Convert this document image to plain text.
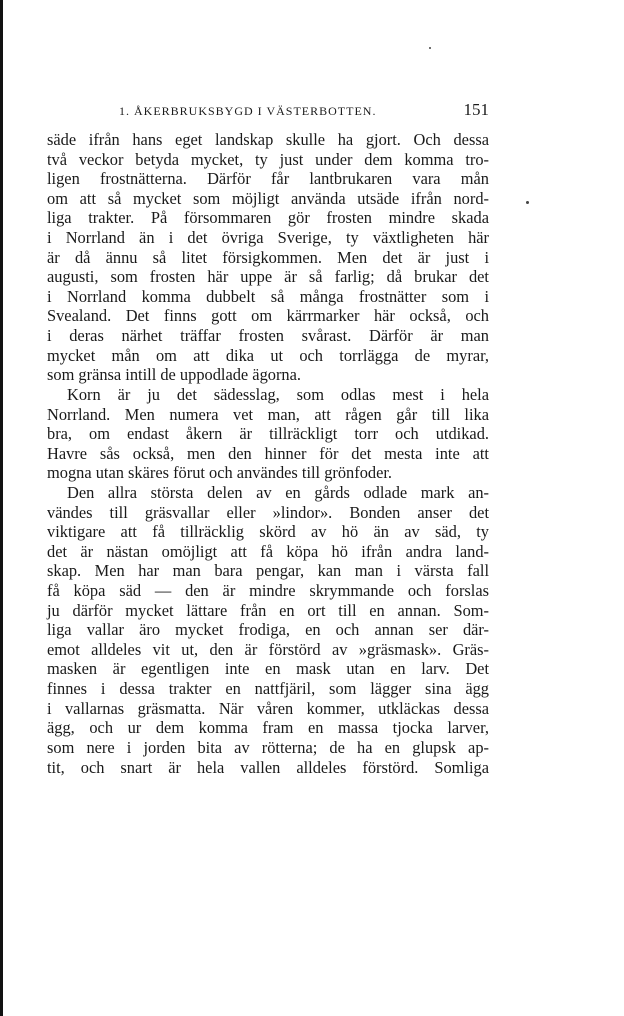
1. ÅKERBRUKSBYGD I VÄSTERBOTTEN.	151
säde ifrån hans eget landskap skulle ha gjort. Och dessa
två veckor betyda mycket, ty just under dem komma tro-
ligen frostnätterna. Därför får lantbrukaren vara mån
om att så mycket som möjligt använda utsäde ifrån nord-
liga trakter. På försommaren gör frosten mindre skada
i Norrland än i det övriga Sverige, ty växtligheten här
är då ännu så litet försigkommen. Men det är just i
augusti, som frosten här uppe är så farlig; då brukar det
i Norrland komma dubbelt så många frostnätter som i
Svealand. Det finns gott om kärrmarker här också, och
i deras närhet träffar frosten svårast. Därför är man
mycket mån om att dika ut och torrlägga de myrar,
som gränsa intill de uppodlade ägorna.
Korn är ju det sädesslag, som odlas mest i hela
Norrland. Men numera vet man, att rågen går till lika
bra, om endast åkern är tillräckligt torr och utdikad.
Havre sås också, men den hinner för det mesta inte att
mogna utan skäres förut och användes till grönfoder.
Den allra största delen av en gårds odlade mark an-
vändes till gräsvallar eller »lindor». Bonden anser det
viktigare att få tillräcklig skörd av hö än av säd, ty
det är nästan omöjligt att få köpa hö ifrån andra land-
skap. Men har man bara pengar, kan man i värsta fall
få köpa säd — den är mindre skrymmande och forslas
ju därför mycket lättare från en ort till en annan. Som-
liga vallar äro mycket frodiga, en och annan ser där-
emot alldeles vit ut, den är förstörd av »gräsmask». Gräs-
masken är egentligen inte en mask utan en larv. Det
finnes i dessa trakter en nattfjäril, som lägger sina ägg
i vallarnas gräsmatta. När våren kommer, utkläckas dessa
ägg, och ur dem komma fram en massa tjocka larver,
som nere i jorden bita av rötterna; de ha en glupsk ap-
tit, och snart är hela vallen alldeles förstörd. Somliga
